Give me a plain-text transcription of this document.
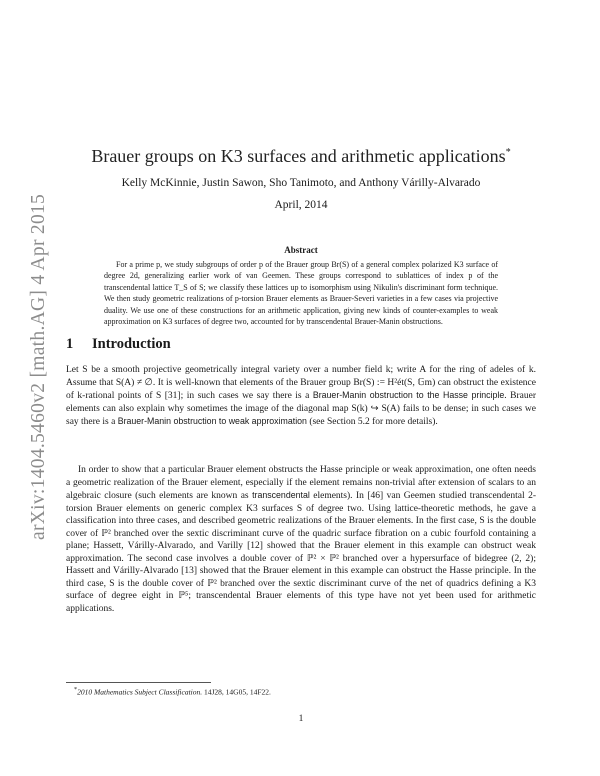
arXiv:1404.5460v2 [math.AG] 4 Apr 2015
Brauer groups on K3 surfaces and arithmetic applications*
Kelly McKinnie, Justin Sawon, Sho Tanimoto, and Anthony Várilly-Alvarado
April, 2014
Abstract
For a prime p, we study subgroups of order p of the Brauer group Br(S) of a general complex polarized K3 surface of degree 2d, generalizing earlier work of van Geemen. These groups correspond to sublattices of index p of the transcendental lattice T_S of S; we classify these lattices up to isomorphism using Nikulin's discriminant form technique. We then study geometric realizations of p-torsion Brauer elements as Brauer-Severi varieties in a few cases via projective duality. We use one of these constructions for an arithmetic application, giving new kinds of counter-examples to weak approximation on K3 surfaces of degree two, accounted for by transcendental Brauer-Manin obstructions.
1 Introduction

Let S be a smooth projective geometrically integral variety over a number field k; write A for the ring of adeles of k. Assume that S(A) ≠ ∅. It is well-known that elements of the Brauer group Br(S) := H²ét(S, 𝔾m) can obstruct the existence of k-rational points of S [31]; in such cases we say there is a Brauer-Manin obstruction to the Hasse principle. Brauer elements can also explain why sometimes the image of the diagonal map S(k) ↪ S(A) fails to be dense; in such cases we say there is a Brauer-Manin obstruction to weak approximation (see Section 5.2 for more details).

In order to show that a particular Brauer element obstructs the Hasse principle or weak approximation, one often needs a geometric realization of the Brauer element, especially if the element remains non-trivial after extension of scalars to an algebraic closure (such elements are known as transcendental elements). In [46] van Geemen studied transcendental 2-torsion Brauer elements on generic complex K3 surfaces S of degree two. Using lattice-theoretic methods, he gave a classification into three cases, and described geometric realizations of the Brauer elements. In the first case, S is the double cover of ℙ² branched over the sextic discriminant curve of the quadric surface fibration on a cubic fourfold containing a plane; Hassett, Várilly-Alvarado, and Varilly [12] showed that the Brauer element in this example can obstruct weak approximation. The second case involves a double cover of ℙ² × ℙ² branched over a hypersurface of bidegree (2, 2); Hassett and Várilly-Alvarado [13] showed that the Brauer element in this example can obstruct the Hasse principle. In the third case, S is the double cover of ℙ² branched over the sextic discriminant curve of the net of quadrics defining a K3 surface of degree eight in ℙ⁵; transcendental Brauer elements of this type have not yet been used for arithmetic applications.

*2010 Mathematics Subject Classification. 14J28, 14G05, 14F22.
1
